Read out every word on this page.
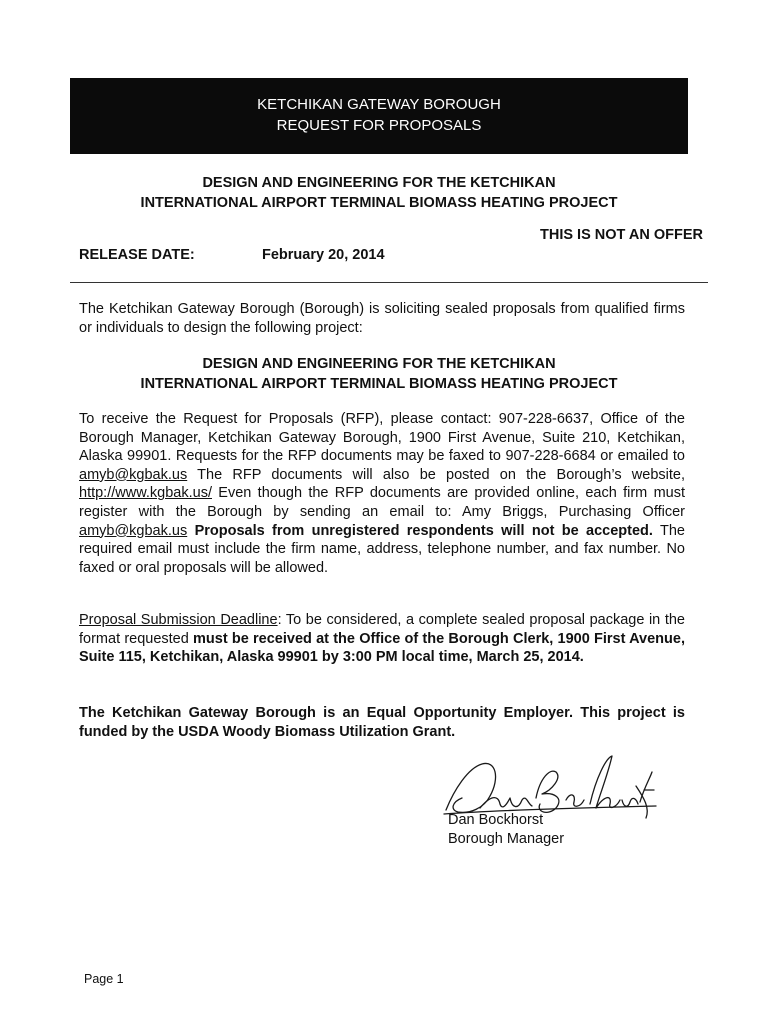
KETCHIKAN GATEWAY BOROUGH
REQUEST FOR PROPOSALS
DESIGN AND ENGINEERING FOR THE KETCHIKAN
INTERNATIONAL AIRPORT TERMINAL BIOMASS HEATING PROJECT
THIS IS NOT AN OFFER
RELEASE DATE:	February 20, 2014
The Ketchikan Gateway Borough (Borough) is soliciting sealed proposals from qualified firms or individuals to design the following project:
DESIGN AND ENGINEERING FOR THE KETCHIKAN
INTERNATIONAL AIRPORT TERMINAL BIOMASS HEATING PROJECT
To receive the Request for Proposals (RFP), please contact: 907-228-6637, Office of the Borough Manager, Ketchikan Gateway Borough, 1900 First Avenue, Suite 210, Ketchikan, Alaska 99901. Requests for the RFP documents may be faxed to 907-228-6684 or emailed to amyb@kgbak.us The RFP documents will also be posted on the Borough’s website, http://www.kgbak.us/ Even though the RFP documents are provided online, each firm must register with the Borough by sending an email to: Amy Briggs, Purchasing Officer amyb@kgbak.us Proposals from unregistered respondents will not be accepted. The required email must include the firm name, address, telephone number, and fax number. No faxed or oral proposals will be allowed.
Proposal Submission Deadline: To be considered, a complete sealed proposal package in the format requested must be received at the Office of the Borough Clerk, 1900 First Avenue, Suite 115, Ketchikan, Alaska 99901 by 3:00 PM local time, March 25, 2014.
The Ketchikan Gateway Borough is an Equal Opportunity Employer. This project is funded by the USDA Woody Biomass Utilization Grant.
Dan Bockhorst
Borough Manager
Page 1
